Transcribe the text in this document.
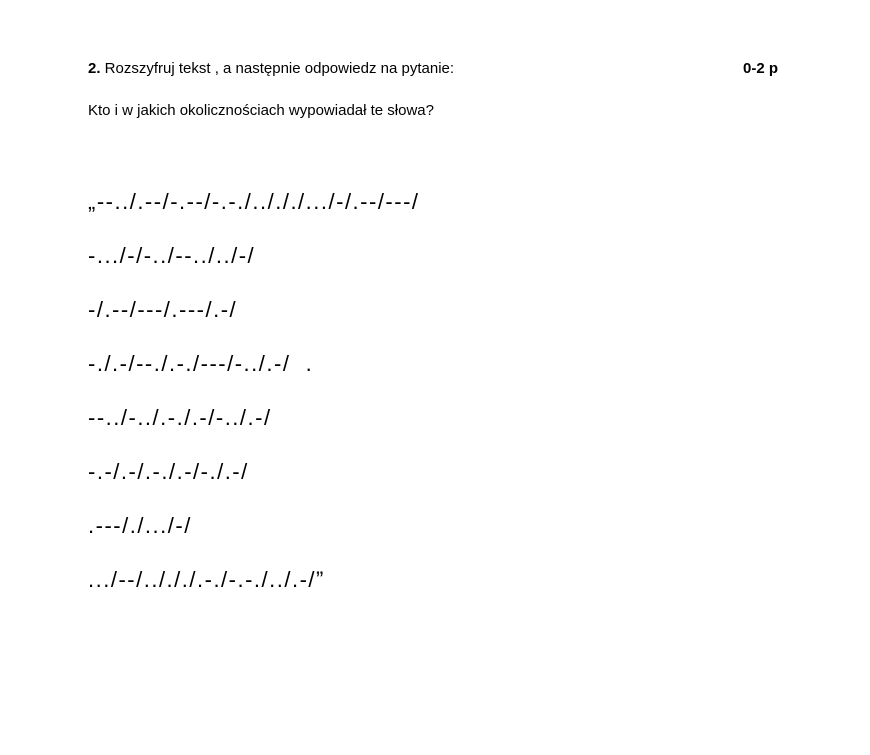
2. Rozszyfruj tekst , a następnie odpowiedz na pytanie:	0-2 p
Kto i w jakich okolicznościach wypowiadał te słowa?
„--../.--/-.--/-.-./../././.../-/.--/---/
-.../-/-../--../../-/
-/.--/---/.---/.-/
-./.-/--./.-./---/-../.-/  .
--../-../.-./.-/-../.-/
-.-/.-/.-./.-/-./.-/
.---/./.../-/
.../--/../././.-./-.-./../.-/”
